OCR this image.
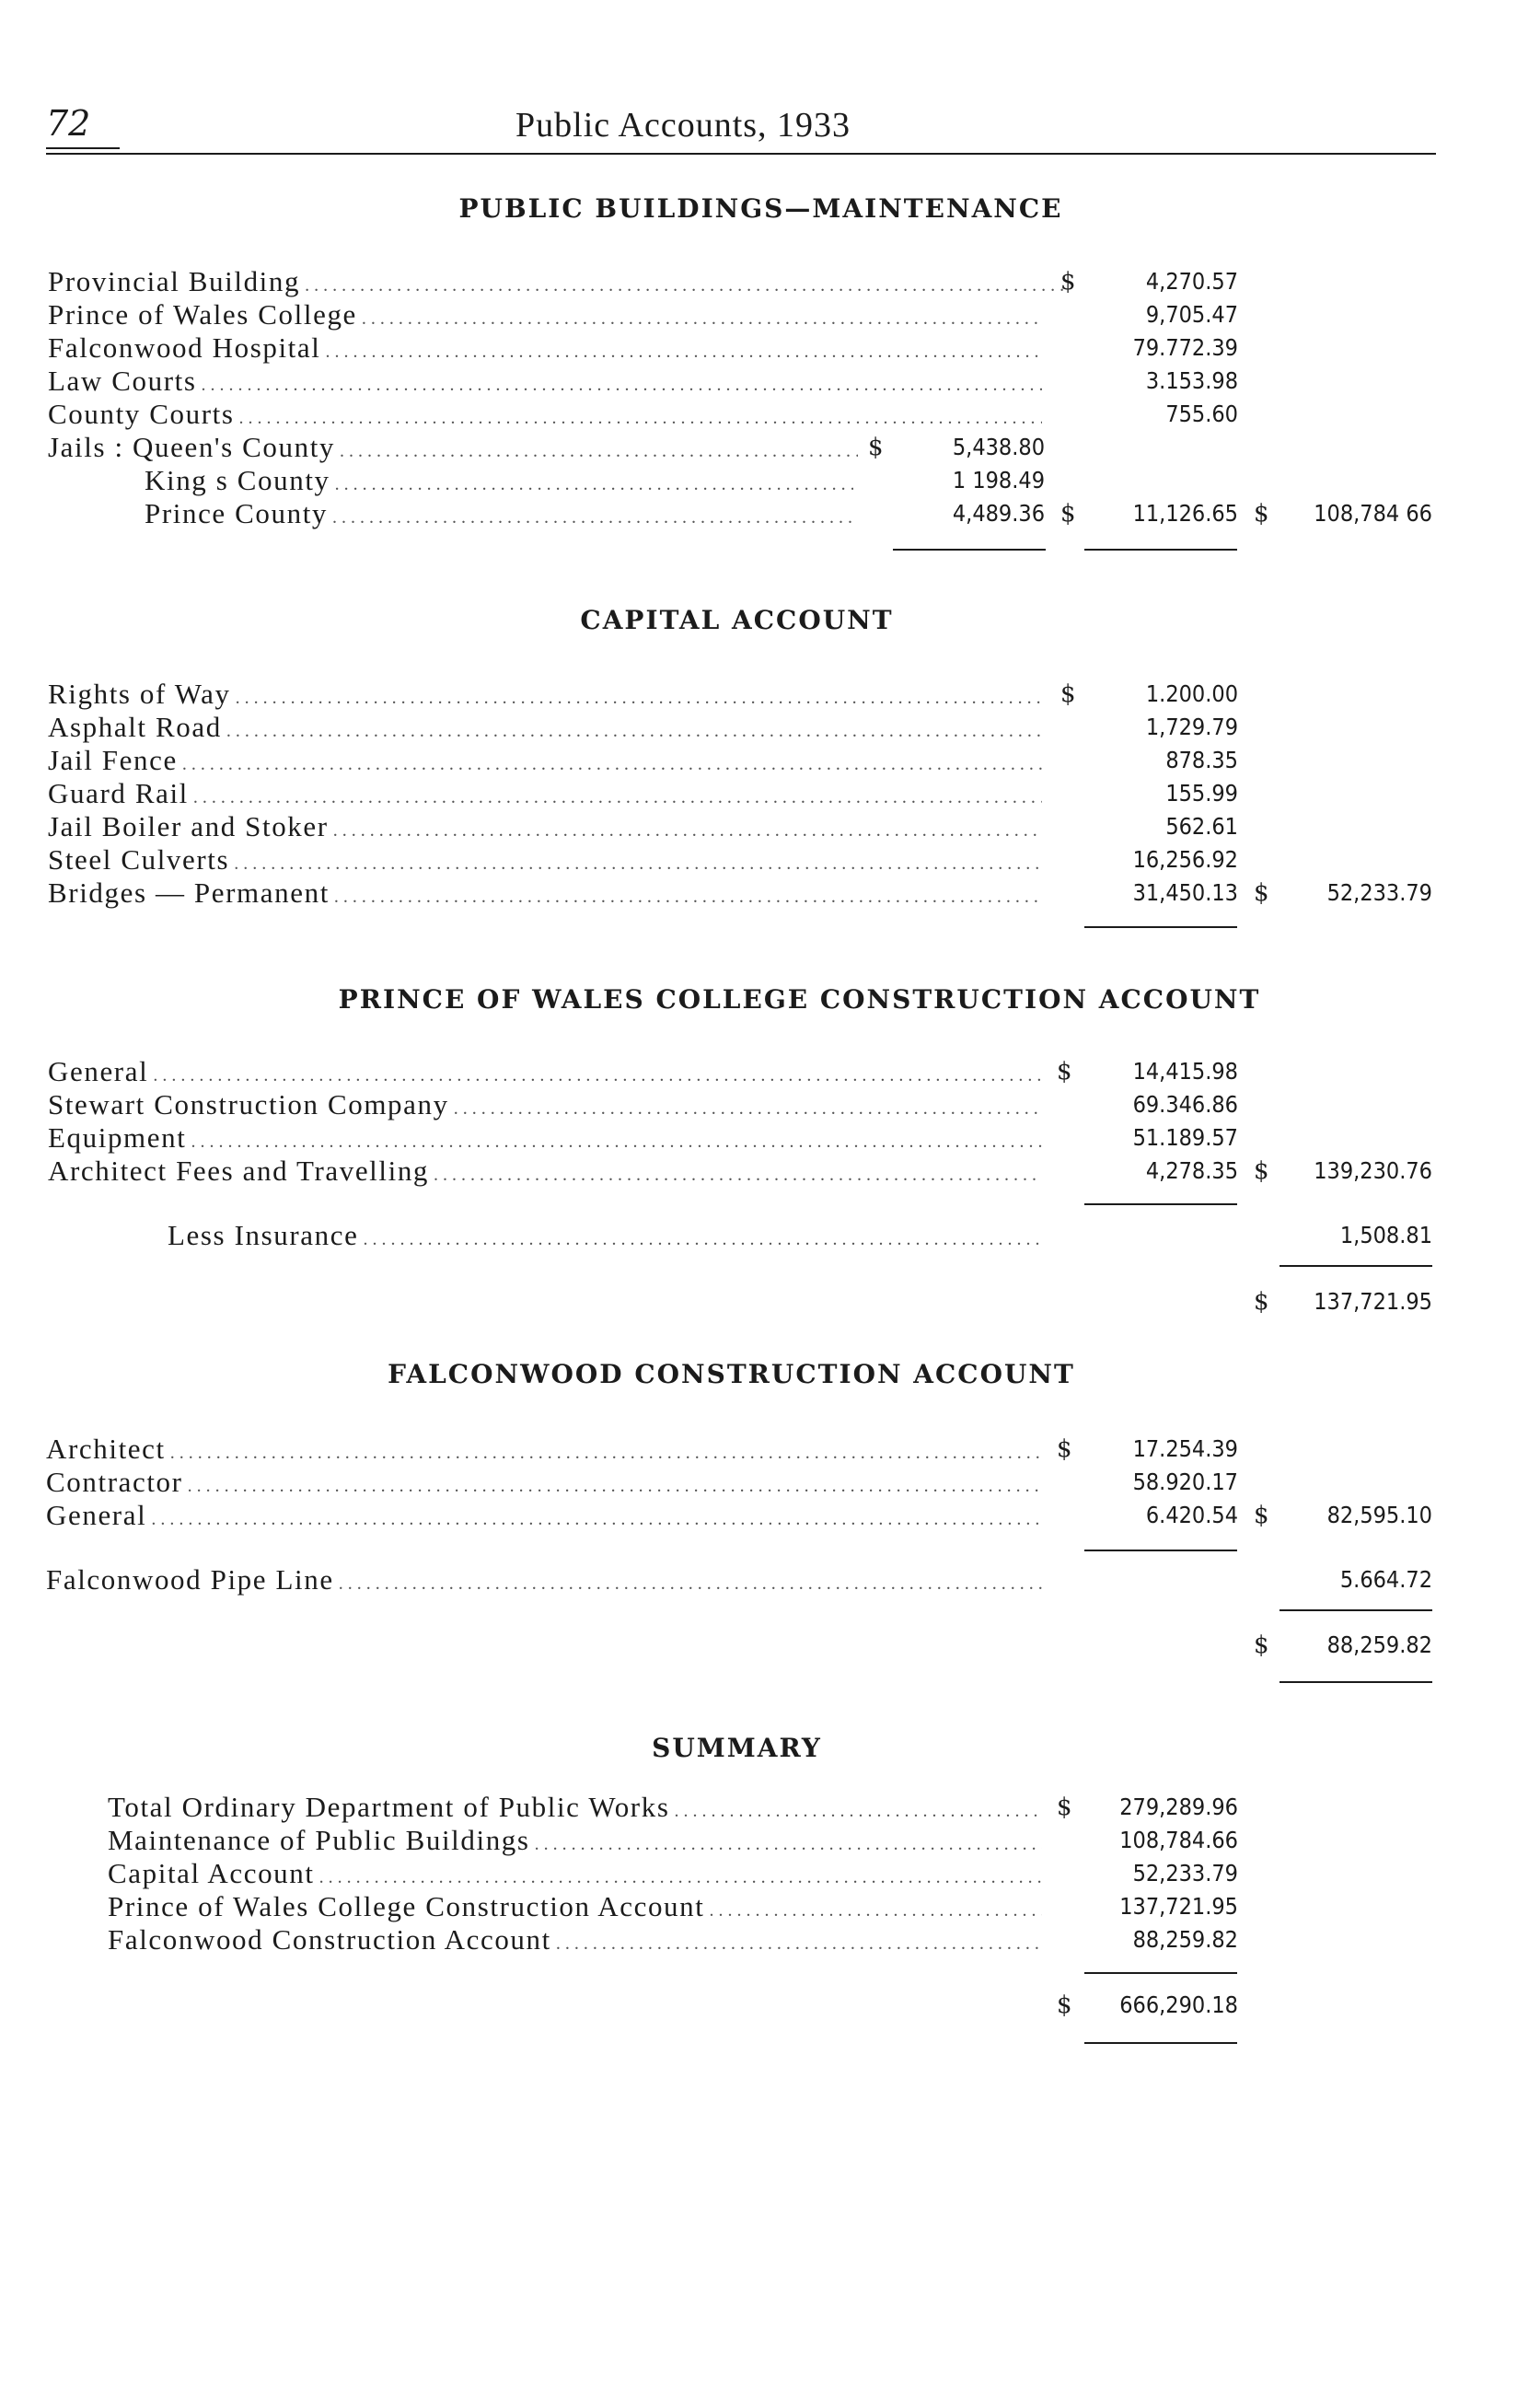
72	Public Accounts, 1933
PUBLIC BUILDINGS—MAINTENANCE
Provincial Building . . .	$	4,270.57
Prince of Wales College . . .	9,705.47
Falconwood Hospital . . .	79.772.39
Law Courts . . .	3.153.98
County Courts . . .	755.60
Jails : Queen's County . . .	$	5,438.80
King s County . . .	1 198.49
Prince County . . .	4,489.36 $	11,126.65 $	108,784 66
CAPITAL ACCOUNT
Rights of Way . . .	$	1.200.00
Asphalt Road . . .	1,729.79
Jail Fence . . .	878.35
Guard Rail . . .	155.99
Jail Boiler and Stoker . . .	562.61
Steel Culverts . . .	16,256.92
Bridges — Permanent . . .	31,450.13 $	52,233.79
PRINCE OF WALES COLLEGE CONSTRUCTION ACCOUNT
General . . .	$	14,415.98
Stewart Construction Company . . .	69.346.86
Equipment . . .	51.189.57
Architect Fees and Travelling . . .	4,278.35 $	139,230.76
Less Insurance . . .	1,508.81
$	137,721.95
FALCONWOOD CONSTRUCTION ACCOUNT
Architect . . .	$	17.254.39
Contractor . . .	58.920.17
General . . .	6.420.54 $	82,595.10
Falconwood Pipe Line . . .	5.664.72
$	88,259.82
SUMMARY
Total Ordinary Department of Public Works . . .	$	279,289.96
Maintenance of Public Buildings . . .	108,784.66
Capital Account . . .	52,233.79
Prince of Wales College Construction Account . . .	137,721.95
Falconwood Construction Account . . .	88,259.82
$	666,290.18
